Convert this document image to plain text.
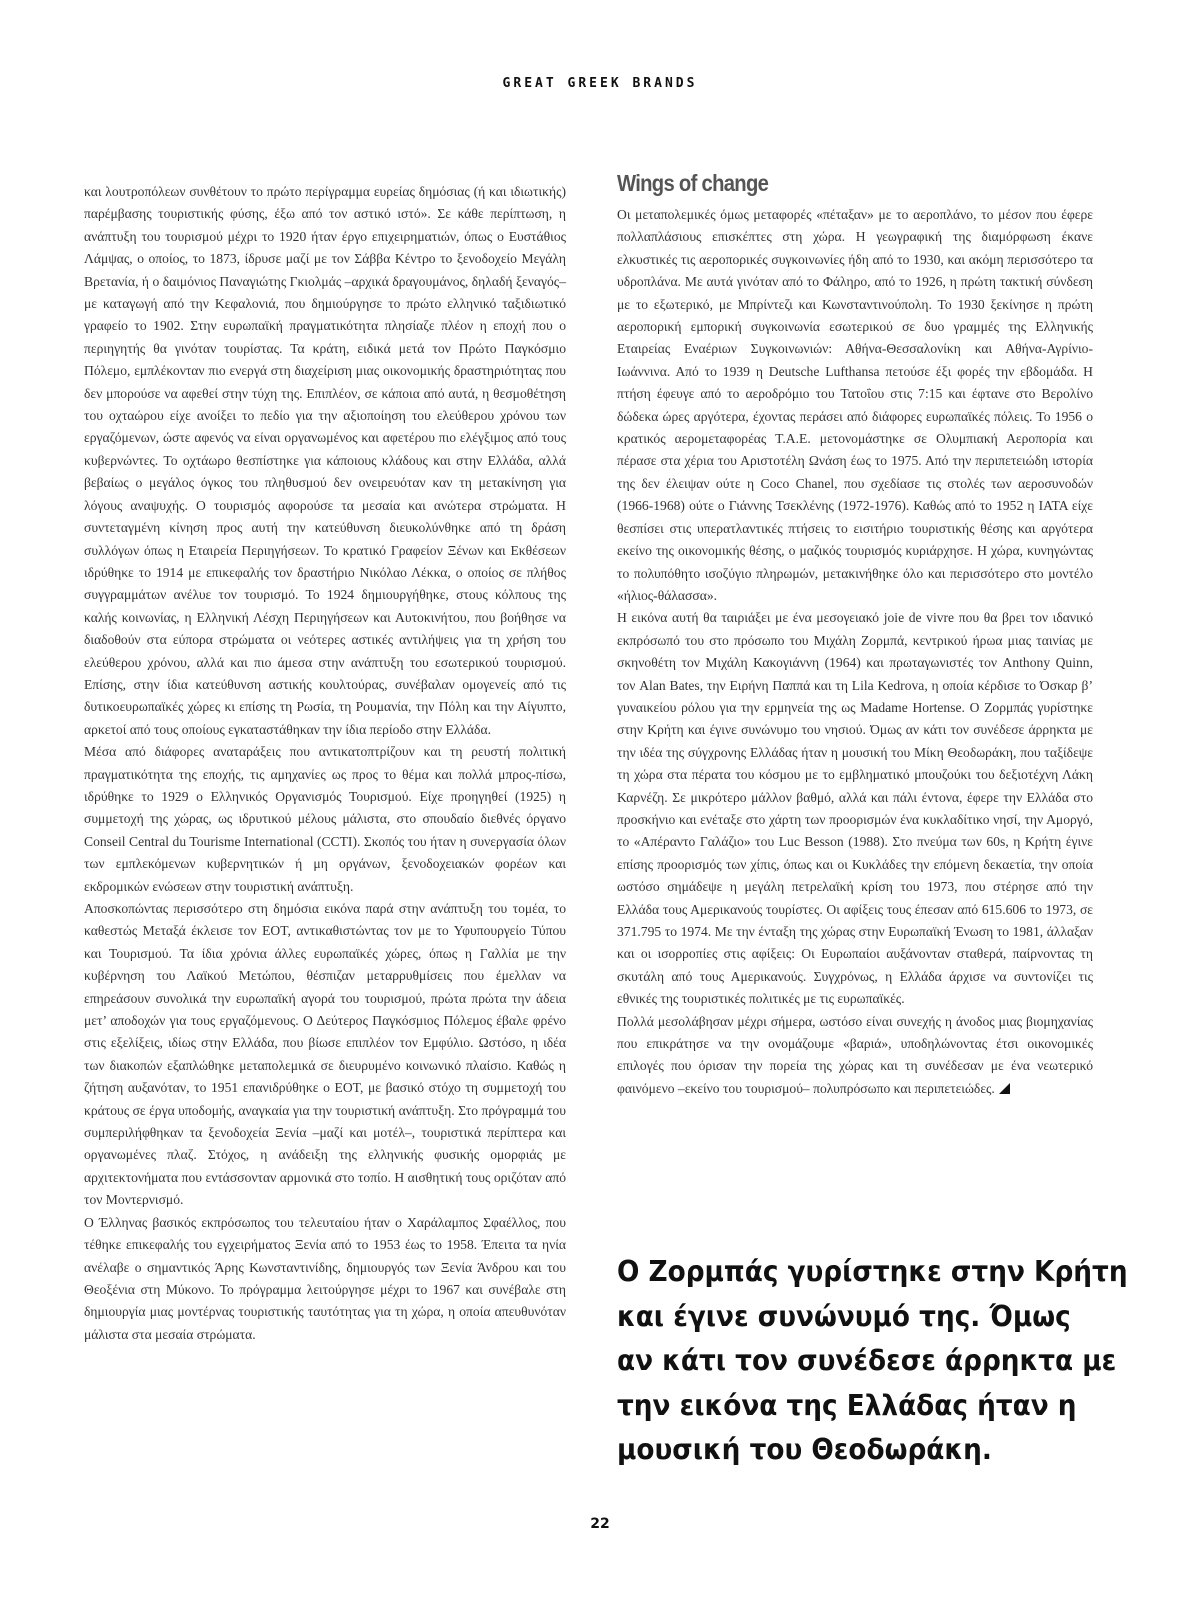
GREAT GREEK BRANDS

και λουτροπόλεων συνθέτουν το πρώτο περίγραμμα ευρείας δημόσιας (ή και ιδιωτικής) παρέμβασης τουριστικής φύσης, έξω από τον αστικό ιστό». Σε κάθε περίπτωση, η ανάπτυξη του τουρισμού μέχρι το 1920 ήταν έργο επιχειρηματιών, όπως ο Ευστάθιος Λάμψας, ο οποίος, το 1873, ίδρυσε μαζί με τον Σάββα Κέντρο το ξενοδοχείο Μεγάλη Βρετανία, ή ο δαιμόνιος Παναγιώτης Γκιολμάς –αρχικά δραγουμάνος, δηλαδή ξεναγός– με καταγωγή από την Κεφαλονιά, που δημιούργησε το πρώτο ελληνικό ταξιδιωτικό γραφείο το 1902. Στην ευρωπαϊκή πραγματικότητα πλησίαζε πλέον η εποχή που ο περιηγητής θα γινόταν τουρίστας. Τα κράτη, ειδικά μετά τον Πρώτο Παγκόσμιο Πόλεμο, εμπλέκονταν πιο ενεργά στη διαχείριση μιας οικονομικής δραστηριότητας που δεν μπορούσε να αφεθεί στην τύχη της. Επιπλέον, σε κάποια από αυτά, η θεσμοθέτηση του οχταώρου είχε ανοίξει το πεδίο για την αξιοποίηση του ελεύθερου χρόνου των εργαζόμενων, ώστε αφενός να είναι οργανωμένος και αφετέρου πιο ελέγξιμος από τους κυβερνώντες. Το οχτάωρο θεσπίστηκε για κάποιους κλάδους και στην Ελλάδα, αλλά βεβαίως ο μεγάλος όγκος του πληθυσμού δεν ονειρευόταν καν τη μετακίνηση για λόγους αναψυχής. Ο τουρισμός αφορούσε τα μεσαία και ανώτερα στρώματα. Η συντεταγμένη κίνηση προς αυτή την κατεύθυνση διευκολύνθηκε από τη δράση συλλόγων όπως η Εταιρεία Περιηγήσεων. Το κρατικό Γραφείον Ξένων και Εκθέσεων ιδρύθηκε το 1914 με επικεφαλής τον δραστήριο Νικόλαο Λέκκα, ο οποίος σε πλήθος συγγραμμάτων ανέλυε τον τουρισμό. Το 1924 δημιουργήθηκε, στους κόλπους της καλής κοινωνίας, η Ελληνική Λέσχη Περιηγήσεων και Αυτοκινήτου, που βοήθησε να διαδοθούν στα εύπορα στρώματα οι νεότερες αστικές αντιλήψεις για τη χρήση του ελεύθερου χρόνου, αλλά και πιο άμεσα στην ανάπτυξη του εσωτερικού τουρισμού. Επίσης, στην ίδια κατεύθυνση αστικής κουλτούρας, συνέβαλαν ομογενείς από τις δυτικοευρωπαϊκές χώρες κι επίσης τη Ρωσία, τη Ρουμανία, την Πόλη και την Αίγυπτο, αρκετοί από τους οποίους εγκαταστάθηκαν την ίδια περίοδο στην Ελλάδα.

Μέσα από διάφορες αναταράξεις που αντικατοπτρίζουν και τη ρευστή πολιτική πραγματικότητα της εποχής, τις αμηχανίες ως προς το θέμα και πολλά μπρος-πίσω, ιδρύθηκε το 1929 ο Ελληνικός Οργανισμός Τουρισμού. Είχε προηγηθεί (1925) η συμμετοχή της χώρας, ως ιδρυτικού μέλους μάλιστα, στο σπουδαίο διεθνές όργανο Conseil Central du Tourisme International (CCTI). Σκοπός του ήταν η συνεργασία όλων των εμπλεκόμενων κυβερνητικών ή μη οργάνων, ξενοδοχειακών φορέων και εκδρομικών ενώσεων στην τουριστική ανάπτυξη.

Αποσκοπώντας περισσότερο στη δημόσια εικόνα παρά στην ανάπτυξη του τομέα, το καθεστώς Μεταξά έκλεισε τον ΕΟΤ, αντικαθιστώντας τον με το Υφυπουργείο Τύπου και Τουρισμού. Τα ίδια χρόνια άλλες ευρωπαϊκές χώρες, όπως η Γαλλία με την κυβέρνηση του Λαϊκού Μετώπου, θέσπιζαν μεταρρυθμίσεις που έμελλαν να επηρεάσουν συνολικά την ευρωπαϊκή αγορά του τουρισμού, πρώτα πρώτα την άδεια μετ’ αποδοχών για τους εργαζόμενους. Ο Δεύτερος Παγκόσμιος Πόλεμος έβαλε φρένο στις εξελίξεις, ιδίως στην Ελλάδα, που βίωσε επιπλέον τον Εμφύλιο. Ωστόσο, η ιδέα των διακοπών εξαπλώθηκε μεταπολεμικά σε διευρυμένο κοινωνικό πλαίσιο. Καθώς η ζήτηση αυξανόταν, το 1951 επανιδρύθηκε ο ΕΟΤ, με βασικό στόχο τη συμμετοχή του κράτους σε έργα υποδομής, αναγκαία για την τουριστική ανάπτυξη. Στο πρόγραμμά του συμπεριλήφθηκαν τα ξενοδοχεία Ξενία –μαζί και μοτέλ–, τουριστικά περίπτερα και οργανωμένες πλαζ. Στόχος, η ανάδειξη της ελληνικής φυσικής ομορφιάς με αρχιτεκτονήματα που εντάσσονταν αρμονικά στο τοπίο. Η αισθητική τους οριζόταν από τον Μοντερνισμό.

Ο Έλληνας βασικός εκπρόσωπος του τελευταίου ήταν ο Χαράλαμπος Σφαέλλος, που τέθηκε επικεφαλής του εγχειρήματος Ξενία από το 1953 έως το 1958. Έπειτα τα ηνία ανέλαβε ο σημαντικός Άρης Κωνσταντινίδης, δημιουργός των Ξενία Άνδρου και του Θεοξένια στη Μύκονο. Το πρόγραμμα λειτούργησε μέχρι το 1967 και συνέβαλε στη δημιουργία μιας μοντέρνας τουριστικής ταυτότητας για τη χώρα, η οποία απευθυνόταν μάλιστα στα μεσαία στρώματα.

Wings of change

Οι μεταπολεμικές όμως μεταφορές «πέταξαν» με το αεροπλάνο, το μέσον που έφερε πολλαπλάσιους επισκέπτες στη χώρα. Η γεωγραφική της διαμόρφωση έκανε ελκυστικές τις αεροπορικές συγκοινωνίες ήδη από το 1930, και ακόμη περισσότερο τα υδροπλάνα. Με αυτά γινόταν από το Φάληρο, από το 1926, η πρώτη τακτική σύνδεση με το εξωτερικό, με Μπρίντεζι και Κωνσταντινούπολη. Το 1930 ξεκίνησε η πρώτη αεροπορική εμπορική συγκοινωνία εσωτερικού σε δυο γραμμές της Ελληνικής Εταιρείας Εναέριων Συγκοινωνιών: Αθήνα-Θεσσαλονίκη και Αθήνα-Αγρίνιο-Ιωάννινα. Από το 1939 η Deutsche Lufthansa πετούσε έξι φορές την εβδομάδα. Η πτήση έφευγε από το αεροδρόμιο του Τατοΐου στις 7:15 και έφτανε στο Βερολίνο δώδεκα ώρες αργότερα, έχοντας περάσει από διάφορες ευρωπαϊκές πόλεις. Το 1956 ο κρατικός αερομεταφορέας Τ.Α.Ε. μετονομάστηκε σε Ολυμπιακή Αεροπορία και πέρασε στα χέρια του Αριστοτέλη Ωνάση έως το 1975. Από την περιπετειώδη ιστορία της δεν έλειψαν ούτε η Coco Chanel, που σχεδίασε τις στολές των αεροσυνοδών (1966-1968) ούτε ο Γιάννης Τσεκλένης (1972-1976). Καθώς από το 1952 η ΙΑΤΑ είχε θεσπίσει στις υπερατλαντικές πτήσεις το εισιτήριο τουριστικής θέσης και αργότερα εκείνο της οικονομικής θέσης, ο μαζικός τουρισμός κυριάρχησε. Η χώρα, κυνηγώντας το πολυπόθητο ισοζύγιο πληρωμών, μετακινήθηκε όλο και περισσότερο στο μοντέλο «ήλιος-θάλασσα».

Η εικόνα αυτή θα ταιριάξει με ένα μεσογειακό joie de vivre που θα βρει τον ιδανικό εκπρόσωπό του στο πρόσωπο του Μιχάλη Ζορμπά, κεντρικού ήρωα μιας ταινίας με σκηνοθέτη τον Μιχάλη Κακογιάννη (1964) και πρωταγωνιστές τον Anthony Quinn, τον Alan Bates, την Ειρήνη Παππά και τη Lila Kedrova, η οποία κέρδισε το Όσκαρ β’ γυναικείου ρόλου για την ερμηνεία της ως Madame Hortense. Ο Ζορμπάς γυρίστηκε στην Κρήτη και έγινε συνώνυμο του νησιού. Όμως αν κάτι τον συνέδεσε άρρηκτα με την ιδέα της σύγχρονης Ελλάδας ήταν η μουσική του Μίκη Θεοδωράκη, που ταξίδεψε τη χώρα στα πέρατα του κόσμου με το εμβληματικό μπουζούκι του δεξιοτέχνη Λάκη Καρνέζη. Σε μικρότερο μάλλον βαθμό, αλλά και πάλι έντονα, έφερε την Ελλάδα στο προσκήνιο και ενέταξε στο χάρτη των προορισμών ένα κυκλαδίτικο νησί, την Αμοργό, το «Απέραντο Γαλάζιο» του Luc Besson (1988). Στο πνεύμα των 60s, η Κρήτη έγινε επίσης προορισμός των χίπις, όπως και οι Κυκλάδες την επόμενη δεκαετία, την οποία ωστόσο σημάδεψε η μεγάλη πετρελαϊκή κρίση του 1973, που στέρησε από την Ελλάδα τους Αμερικανούς τουρίστες. Οι αφίξεις τους έπεσαν από 615.606 το 1973, σε 371.795 το 1974. Με την ένταξη της χώρας στην Ευρωπαϊκή Ένωση το 1981, άλλαξαν και οι ισορροπίες στις αφίξεις: Οι Ευρωπαίοι αυξάνονταν σταθερά, παίρνοντας τη σκυτάλη από τους Αμερικανούς. Συγχρόνως, η Ελλάδα άρχισε να συντονίζει τις εθνικές της τουριστικές πολιτικές με τις ευρωπαϊκές.

Πολλά μεσολάβησαν μέχρι σήμερα, ωστόσο είναι συνεχής η άνοδος μιας βιομηχανίας που επικράτησε να την ονομάζουμε «βαριά», υποδηλώνοντας έτσι οικονομικές επιλογές που όρισαν την πορεία της χώρας και τη συνέδεσαν με ένα νεωτερικό φαινόμενο –εκείνο του τουρισμού– πολυπρόσωπο και περιπετειώδες.

Ο Ζορμπάς γυρίστηκε στην Κρήτη
και έγινε συνώνυμό της. Όμως
αν κάτι τον συνέδεσε άρρηκτα με
την εικόνα της Ελλάδας ήταν η
μουσική του Θεοδωράκη.
22
